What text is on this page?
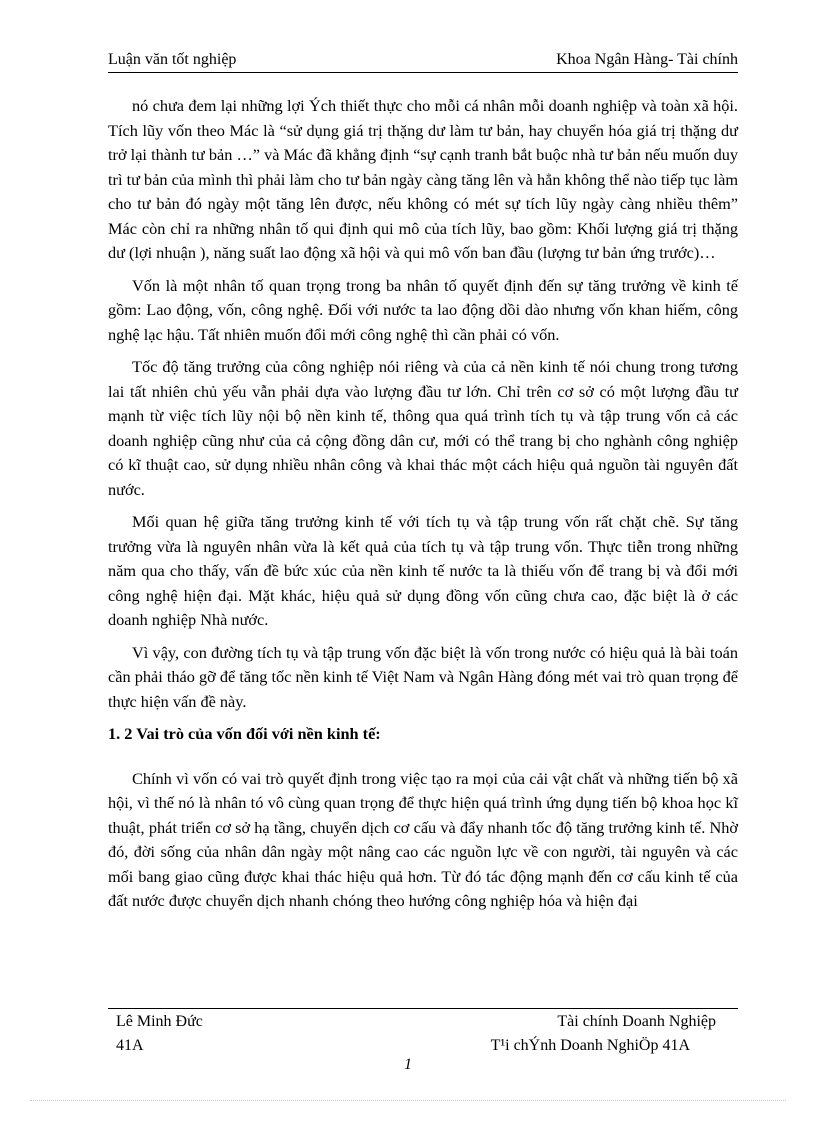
Luận văn tốt nghiệp	Khoa Ngân Hàng- Tài chính

nó chưa đem lại những lợi Ých thiết thực cho mỗi cá nhân mỗi doanh nghiệp và toàn xã hội. Tích lũy vốn theo Mác là “sử dụng giá trị thặng dư làm tư bản, hay chuyển hóa giá trị thặng dư trở lại thành tư bản …” và Mác đã khẳng định “sự cạnh tranh bắt buộc nhà tư bản nếu muốn duy trì tư bản của mình thì phải làm cho tư bản ngày càng tăng lên và hẳn không thể nào tiếp tục làm cho tư bản đó ngày một tăng lên được, nếu không có mét sự tích lũy ngày càng nhiều thêm” Mác còn chỉ ra những nhân tố qui định qui mô của tích lũy, bao gồm: Khối lượng giá trị thặng dư (lợi nhuận ), năng suất lao động xã hội và qui mô vốn ban đầu (lượng tư bản ứng trước)…

Vốn là một nhân tố quan trọng trong ba nhân tố quyết định đến sự tăng trưởng về kinh tế gồm: Lao động, vốn, công nghệ. Đối với nước ta lao động dồi dào nhưng vốn khan hiếm, công nghệ lạc hậu. Tất nhiên muốn đổi mới công nghệ thì cần phải có vốn.

Tốc độ tăng trưởng của công nghiệp nói riêng và của cả nền kinh tế nói chung trong tương lai tất nhiên chủ yếu vẫn phải dựa vào lượng đầu tư lớn. Chỉ trên cơ sở có một lượng đầu tư mạnh từ việc tích lũy nội bộ nền kinh tế, thông qua quá trình tích tụ và tập trung vốn cả các doanh nghiệp cũng như của cả cộng đồng dân cư, mới có thể trang bị cho nghành công nghiệp có kĩ thuật cao, sử dụng nhiều nhân công và khai thác một cách hiệu quả nguồn tài nguyên đất nước.

Mối quan hệ giữa tăng trưởng kinh tế với tích tụ và tập trung vốn rất chặt chẽ. Sự tăng trưởng vừa là nguyên nhân vừa là kết quả của tích tụ và tập trung vốn. Thực tiễn trong những năm qua cho thấy, vấn đề bức xúc của nền kinh tế nước ta là thiếu vốn để trang bị và đổi mới công nghệ hiện đại. Mặt khác, hiệu quả sử dụng đồng vốn cũng chưa cao, đặc biệt là ở các doanh nghiệp Nhà nước.

Vì vậy, con đường tích tụ và tập trung vốn đặc biệt là vốn trong nước có hiệu quả là bài toán cần phải tháo gỡ để tăng tốc nền kinh tế Việt Nam và Ngân Hàng đóng mét vai trò quan trọng để thực hiện vấn đề này.

1. 2 Vai trò của vốn đối với nền kinh tế:

Chính vì vốn có vai trò quyết định trong việc tạo ra mọi của cải vật chất và những tiến bộ xã hội, vì thế nó là nhân tó vô cùng quan trọng để thực hiện quá trình ứng dụng tiến bộ khoa học kĩ thuật, phát triển cơ sở hạ tầng, chuyển dịch cơ cấu và đẩy nhanh tốc độ tăng trưởng kinh tế. Nhờ đó, đời sống của nhân dân ngày một nâng cao các nguồn lực về con người, tài nguyên và các mối bang giao cũng được khai thác hiệu quả hơn. Từ đó tác động mạnh đến cơ cấu kinh tế của đất nước được chuyển dịch nhanh chóng theo hướng công nghiệp hóa và hiện đại

Lê Minh Đức	Tài chính Doanh Nghiệp
41A	T¹i chÝnh Doanh NghiÖp 41A
1
